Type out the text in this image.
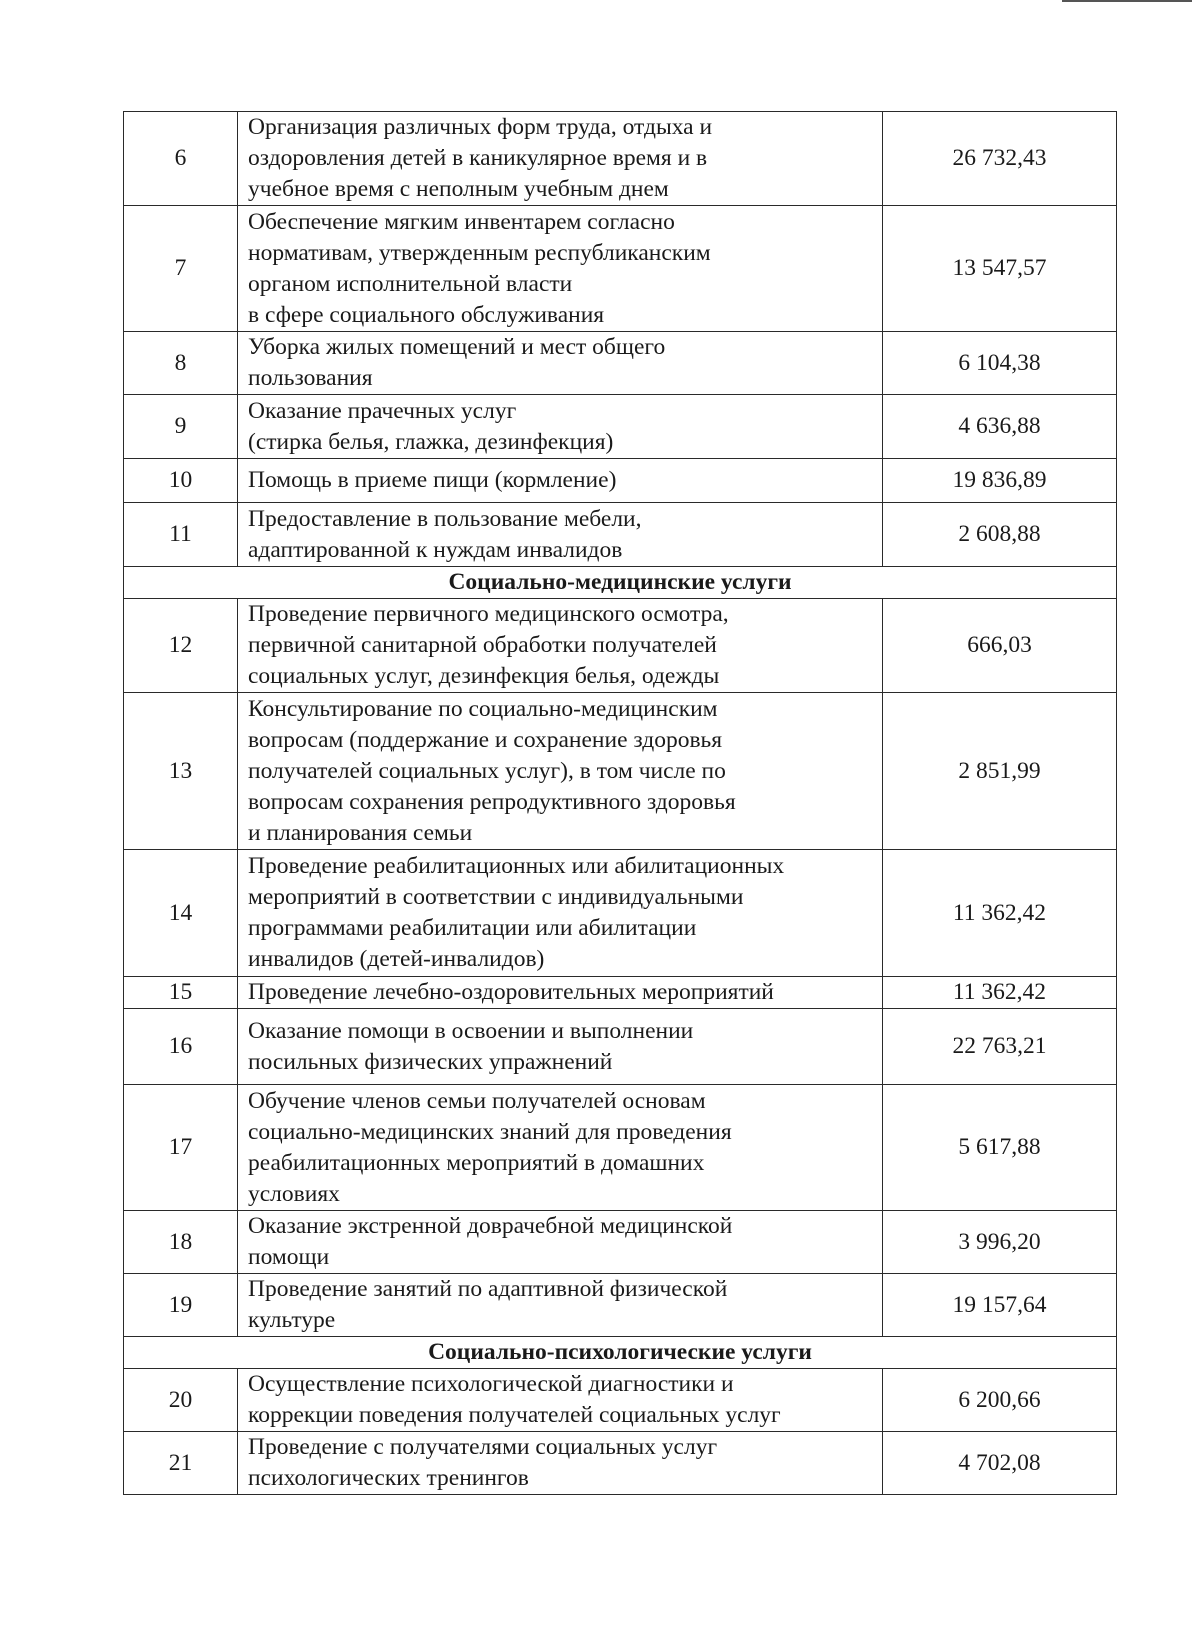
6	Организация различных форм труда, отдыха и
оздоровления детей в каникулярное время и в
учебное время с неполным учебным днем	26 732,43
7	Обеспечение мягким инвентарем согласно
нормативам, утвержденным республиканским
органом исполнительной власти
в сфере социального обслуживания	13 547,57
8	Уборка жилых помещений и мест общего
пользования	6 104,38
9	Оказание прачечных услуг
(стирка белья, глажка, дезинфекция)	4 636,88
10	Помощь в приеме пищи (кормление)	19 836,89
11	Предоставление в пользование мебели,
адаптированной к нуждам инвалидов	2 608,88
Социально-медицинские услуги		
12	Проведение первичного медицинского осмотра,
первичной санитарной обработки получателей
социальных услуг, дезинфекция белья, одежды	666,03
13	Консультирование по социально-медицинским
вопросам (поддержание и сохранение здоровья
получателей социальных услуг), в том числе по
вопросам сохранения репродуктивного здоровья
и планирования семьи	2 851,99
14	Проведение реабилитационных или абилитационных
мероприятий в соответствии с индивидуальными
программами реабилитации или абилитации
инвалидов (детей-инвалидов)	11 362,42
15	Проведение лечебно-оздоровительных мероприятий	11 362,42
16	Оказание помощи в освоении и выполнении
посильных физических упражнений	22 763,21
17	Обучение членов семьи получателей основам
социально-медицинских знаний для проведения
реабилитационных мероприятий в домашних
условиях	5 617,88
18	Оказание экстренной доврачебной медицинской
помощи	3 996,20
19	Проведение занятий по адаптивной физической
культуре	19 157,64
Социально-психологические услуги		
20	Осуществление психологической диагностики и
коррекции поведения получателей социальных услуг	6 200,66
21	Проведение с получателями социальных услуг
психологических тренингов	4 702,08
